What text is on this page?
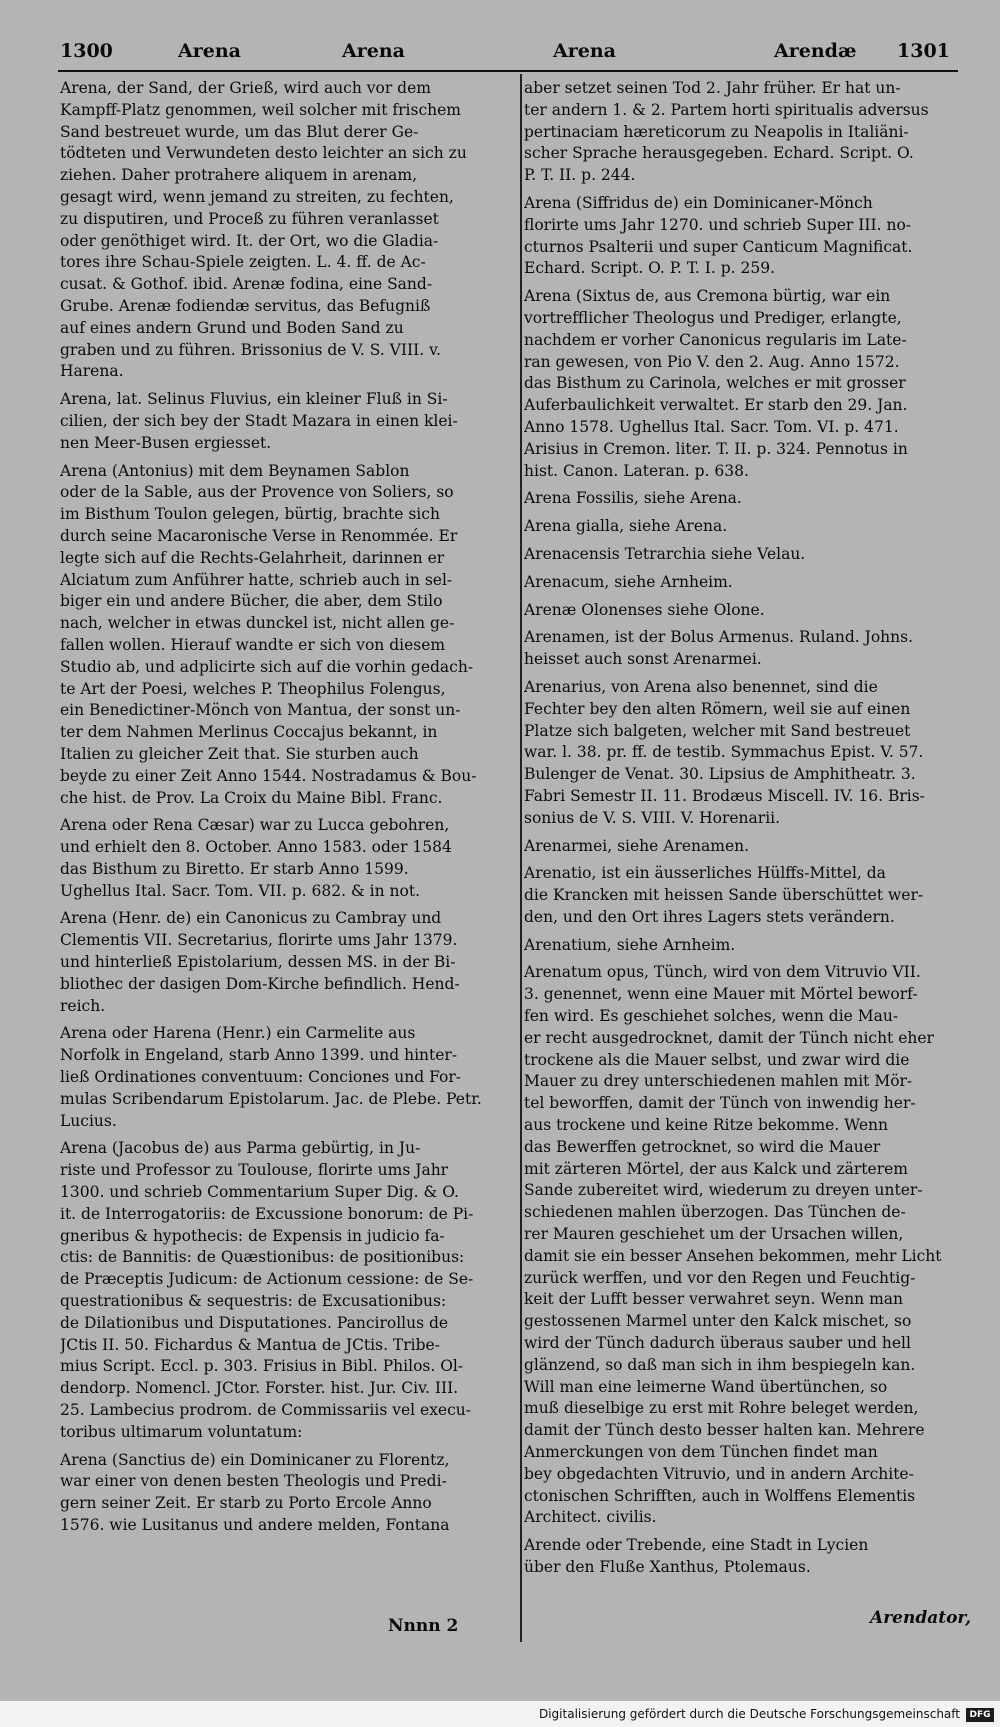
1300	Arena	Arena	Arena	Arendæ 1301
Arena, der Sand, der Grieß, wird auch vor dem
Kampff-Platz genommen, weil solcher mit frischem
Sand bestreuet wurde, um das Blut derer Ge-
tödteten und Verwundeten desto leichter an sich zu
ziehen. Daher protrahere aliquem in arenam,
gesagt wird, wenn jemand zu streiten, zu fechten,
zu disputiren, und Proceß zu führen veranlasset
oder genöthiget wird. It. der Ort, wo die Gladia-
tores ihre Schau-Spiele zeigten. L. 4. ff. de Ac-
cusat. & Gothof. ibid. Arenæ fodina, eine Sand-
Grube. Arenæ fodiendæ servitus, das Befugniß
auf eines andern Grund und Boden Sand zu
graben und zu führen. Brissonius de V. S. VIII. v.
Harena.
Arena, lat. Selinus Fluvius, ein kleiner Fluß in Si-
cilien, der sich bey der Stadt Mazara in einen klei-
nen Meer-Busen ergiesset.
Arena (Antonius) mit dem Beynamen Sablon
oder de la Sable, aus der Provence von Soliers, so
im Bisthum Toulon gelegen, bürtig, brachte sich
durch seine Macaronische Verse in Renommée. Er
legte sich auf die Rechts-Gelahrheit, darinnen er
Alciatum zum Anführer hatte, schrieb auch in sel-
biger ein und andere Bücher, die aber, dem Stilo
nach, welcher in etwas dunckel ist, nicht allen ge-
fallen wollen. Hierauf wandte er sich von diesem
Studio ab, und adplicirte sich auf die vorhin gedach-
te Art der Poesi, welches P. Theophilus Folengus,
ein Benedictiner-Mönch von Mantua, der sonst un-
ter dem Nahmen Merlinus Coccajus bekannt, in
Italien zu gleicher Zeit that. Sie sturben auch
beyde zu einer Zeit Anno 1544. Nostradamus & Bou-
che hist. de Prov. La Croix du Maine Bibl. Franc.
Arena oder Rena Cæsar) war zu Lucca gebohren,
und erhielt den 8. October. Anno 1583. oder 1584
das Bisthum zu Biretto. Er starb Anno 1599.
Ughellus Ital. Sacr. Tom. VII. p. 682. & in not.
Arena (Henr. de) ein Canonicus zu Cambray und
Clementis VII. Secretarius, florirte ums Jahr 1379.
und hinterließ Epistolarium, dessen MS. in der Bi-
bliothec der dasigen Dom-Kirche befindlich. Hend-
reich.
Arena oder Harena (Henr.) ein Carmelite aus
Norfolk in Engeland, starb Anno 1399. und hinter-
ließ Ordinationes conventuum: Conciones und For-
mulas Scribendarum Epistolarum. Jac. de Plebe. Petr.
Lucius.
Arena (Jacobus de) aus Parma gebürtig, in Ju-
riste und Professor zu Toulouse, florirte ums Jahr
1300. und schrieb Commentarium Super Dig. & O.
it. de Interrogatoriis: de Excussione bonorum: de Pi-
gneribus & hypothecis: de Expensis in judicio fa-
ctis: de Bannitis: de Quæstionibus: de positionibus:
de Præceptis Judicum: de Actionum cessione: de Se-
questrationibus & sequestris: de Excusationibus:
de Dilationibus und Disputationes. Pancirollus de
JCtis II. 50. Fichardus & Mantua de JCtis. Tribe-
mius Script. Eccl. p. 303. Frisius in Bibl. Philos. Ol-
dendorp. Nomencl. JCtor. Forster. hist. Jur. Civ. III.
25. Lambecius prodrom. de Commissariis vel execu-
toribus ultimarum voluntatum:
Arena (Sanctius de) ein Dominicaner zu Florentz,
war einer von denen besten Theologis und Predi-
gern seiner Zeit. Er starb zu Porto Ercole Anno
1576. wie Lusitanus und andere melden, Fontana
aber setzet seinen Tod 2. Jahr früher. Er hat un-
ter andern 1. & 2. Partem horti spiritualis adversus
pertinaciam hæreticorum zu Neapolis in Italiäni-
scher Sprache herausgegeben. Echard. Script. O.
P. T. II. p. 244.
Arena (Siffridus de) ein Dominicaner-Mönch
florirte ums Jahr 1270. und schrieb Super III. no-
cturnos Psalterii und super Canticum Magnificat.
Echard. Script. O. P. T. I. p. 259.
Arena (Sixtus de, aus Cremona bürtig, war ein
vortrefflicher Theologus und Prediger, erlangte,
nachdem er vorher Canonicus regularis im Late-
ran gewesen, von Pio V. den 2. Aug. Anno 1572.
das Bisthum zu Carinola, welches er mit grosser
Auferbaulichkeit verwaltet. Er starb den 29. Jan.
Anno 1578. Ughellus Ital. Sacr. Tom. VI. p. 471.
Arisius in Cremon. liter. T. II. p. 324. Pennotus in
hist. Canon. Lateran. p. 638.
Arena Fossilis, siehe Arena.
Arena gialla, siehe Arena.
Arenacensis Tetrarchia siehe Velau.
Arenacum, siehe Arnheim.
Arenæ Olonenses siehe Olone.
Arenamen, ist der Bolus Armenus. Ruland. Johns.
heisset auch sonst Arenarmei.
Arenarius, von Arena also benennet, sind die
Fechter bey den alten Römern, weil sie auf einen
Platze sich balgeten, welcher mit Sand bestreuet
war. l. 38. pr. ff. de testib. Symmachus Epist. V. 57.
Bulenger de Venat. 30. Lipsius de Amphitheatr. 3.
Fabri Semestr II. 11. Brodæus Miscell. IV. 16. Bris-
sonius de V. S. VIII. V. Horenarii.
Arenarmei, siehe Arenamen.
Arenatio, ist ein äusserliches Hülffs-Mittel, da
die Krancken mit heissen Sande überschüttet wer-
den, und den Ort ihres Lagers stets verändern.
Arenatium, siehe Arnheim.
Arenatum opus, Tünch, wird von dem Vitruvio VII.
3. genennet, wenn eine Mauer mit Mörtel beworf-
fen wird. Es geschiehet solches, wenn die Mau-
er recht ausgedrocknet, damit der Tünch nicht eher
trockene als die Mauer selbst, und zwar wird die
Mauer zu drey unterschiedenen mahlen mit Mör-
tel beworffen, damit der Tünch von inwendig her-
aus trockene und keine Ritze bekomme. Wenn
das Bewerffen getrocknet, so wird die Mauer
mit zärteren Mörtel, der aus Kalck und zärterem
Sande zubereitet wird, wiederum zu dreyen unter-
schiedenen mahlen überzogen. Das Tünchen de-
rer Mauren geschiehet um der Ursachen willen,
damit sie ein besser Ansehen bekommen, mehr Licht
zurück werffen, und vor den Regen und Feuchtig-
keit der Lufft besser verwahret seyn. Wenn man
gestossenen Marmel unter den Kalck mischet, so
wird der Tünch dadurch überaus sauber und hell
glänzend, so daß man sich in ihm bespiegeln kan.
Will man eine leimerne Wand übertünchen, so
muß dieselbige zu erst mit Rohre beleget werden,
damit der Tünch desto besser halten kan. Mehrere
Anmerckungen von dem Tünchen findet man
bey obgedachten Vitruvio, und in andern Archite-
ctonischen Schrifften, auch in Wolffens Elementis
Architect. civilis.
Arende oder Trebende, eine Stadt in Lycien
über den Fluße Xanthus, Ptolemaus.
Nnnn 2	Arendator,
Digitalisierung gefördert durch die Deutsche Forschungsgemeinschaft	DFG
